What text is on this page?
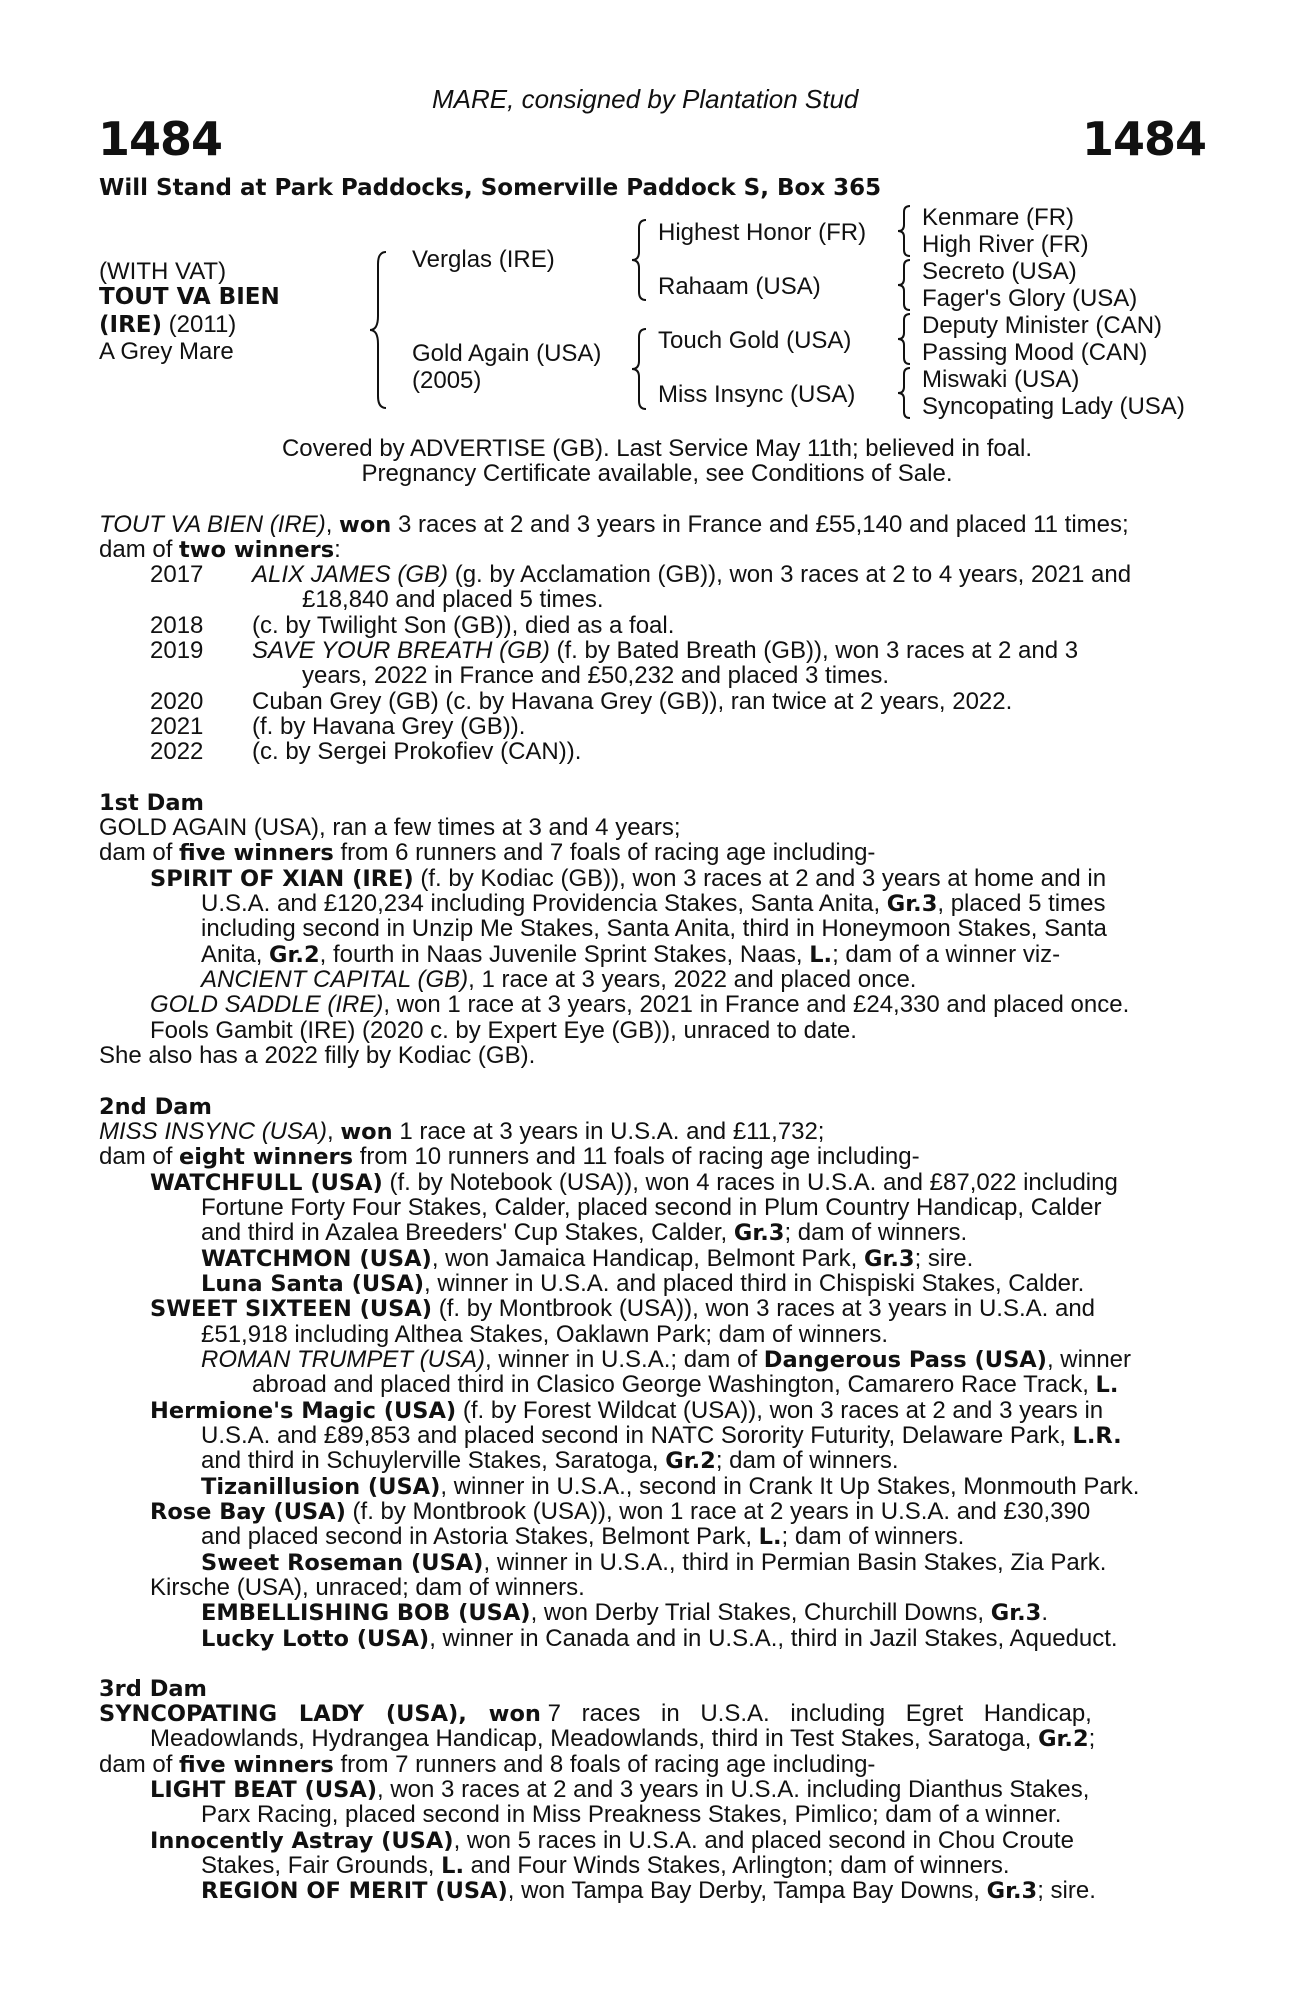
MARE, consigned by Plantation Stud
1484	1484
Will Stand at Park Paddocks, Somerville Paddock S, Box 365
(WITH VAT)
TOUT VA BIEN
(IRE) (2011)
A Grey Mare
Verglas (IRE)
Gold Again (USA)
(2005)
Highest Honor (FR)
Rahaam (USA)
Touch Gold (USA)
Miss Insync (USA)
Kenmare (FR)
High River (FR)
Secreto (USA)
Fager's Glory (USA)
Deputy Minister (CAN)
Passing Mood (CAN)
Miswaki (USA)
Syncopating Lady (USA)
Covered by ADVERTISE (GB). Last Service May 11th; believed in foal.
Pregnancy Certificate available, see Conditions of Sale.
TOUT VA BIEN (IRE), won 3 races at 2 and 3 years in France and £55,140 and placed 11 times;
dam of two winners:
2017 ALIX JAMES (GB) (g. by Acclamation (GB)), won 3 races at 2 to 4 years, 2021 and
£18,840 and placed 5 times.
2018 (c. by Twilight Son (GB)), died as a foal.
2019 SAVE YOUR BREATH (GB) (f. by Bated Breath (GB)), won 3 races at 2 and 3
years, 2022 in France and £50,232 and placed 3 times.
2020 Cuban Grey (GB) (c. by Havana Grey (GB)), ran twice at 2 years, 2022.
2021 (f. by Havana Grey (GB)).
2022 (c. by Sergei Prokofiev (CAN)).
1st Dam
GOLD AGAIN (USA), ran a few times at 3 and 4 years;
dam of five winners from 6 runners and 7 foals of racing age including-
SPIRIT OF XIAN (IRE) (f. by Kodiac (GB)), won 3 races at 2 and 3 years at home and in
U.S.A. and £120,234 including Providencia Stakes, Santa Anita, Gr.3, placed 5 times
including second in Unzip Me Stakes, Santa Anita, third in Honeymoon Stakes, Santa
Anita, Gr.2, fourth in Naas Juvenile Sprint Stakes, Naas, L.; dam of a winner viz-
ANCIENT CAPITAL (GB), 1 race at 3 years, 2022 and placed once.
GOLD SADDLE (IRE), won 1 race at 3 years, 2021 in France and £24,330 and placed once.
Fools Gambit (IRE) (2020 c. by Expert Eye (GB)), unraced to date.
She also has a 2022 filly by Kodiac (GB).
2nd Dam
MISS INSYNC (USA), won 1 race at 3 years in U.S.A. and £11,732;
dam of eight winners from 10 runners and 11 foals of racing age including-
WATCHFULL (USA) (f. by Notebook (USA)), won 4 races in U.S.A. and £87,022 including
Fortune Forty Four Stakes, Calder, placed second in Plum Country Handicap, Calder
and third in Azalea Breeders' Cup Stakes, Calder, Gr.3; dam of winners.
WATCHMON (USA), won Jamaica Handicap, Belmont Park, Gr.3; sire.
Luna Santa (USA), winner in U.S.A. and placed third in Chispiski Stakes, Calder.
SWEET SIXTEEN (USA) (f. by Montbrook (USA)), won 3 races at 3 years in U.S.A. and
£51,918 including Althea Stakes, Oaklawn Park; dam of winners.
ROMAN TRUMPET (USA), winner in U.S.A.; dam of Dangerous Pass (USA), winner
abroad and placed third in Clasico George Washington, Camarero Race Track, L.
Hermione's Magic (USA) (f. by Forest Wildcat (USA)), won 3 races at 2 and 3 years in
U.S.A. and £89,853 and placed second in NATC Sorority Futurity, Delaware Park, L.R.
and third in Schuylerville Stakes, Saratoga, Gr.2; dam of winners.
Tizanillusion (USA), winner in U.S.A., second in Crank It Up Stakes, Monmouth Park.
Rose Bay (USA) (f. by Montbrook (USA)), won 1 race at 2 years in U.S.A. and £30,390
and placed second in Astoria Stakes, Belmont Park, L.; dam of winners.
Sweet Roseman (USA), winner in U.S.A., third in Permian Basin Stakes, Zia Park.
Kirsche (USA), unraced; dam of winners.
EMBELLISHING BOB (USA), won Derby Trial Stakes, Churchill Downs, Gr.3.
Lucky Lotto (USA), winner in Canada and in U.S.A., third in Jazil Stakes, Aqueduct.
3rd Dam
SYNCOPATING LADY (USA), won 7 races in U.S.A. including Egret Handicap,
Meadowlands, Hydrangea Handicap, Meadowlands, third in Test Stakes, Saratoga, Gr.2;
dam of five winners from 7 runners and 8 foals of racing age including-
LIGHT BEAT (USA), won 3 races at 2 and 3 years in U.S.A. including Dianthus Stakes,
Parx Racing, placed second in Miss Preakness Stakes, Pimlico; dam of a winner.
Innocently Astray (USA), won 5 races in U.S.A. and placed second in Chou Croute
Stakes, Fair Grounds, L. and Four Winds Stakes, Arlington; dam of winners.
REGION OF MERIT (USA), won Tampa Bay Derby, Tampa Bay Downs, Gr.3; sire.
